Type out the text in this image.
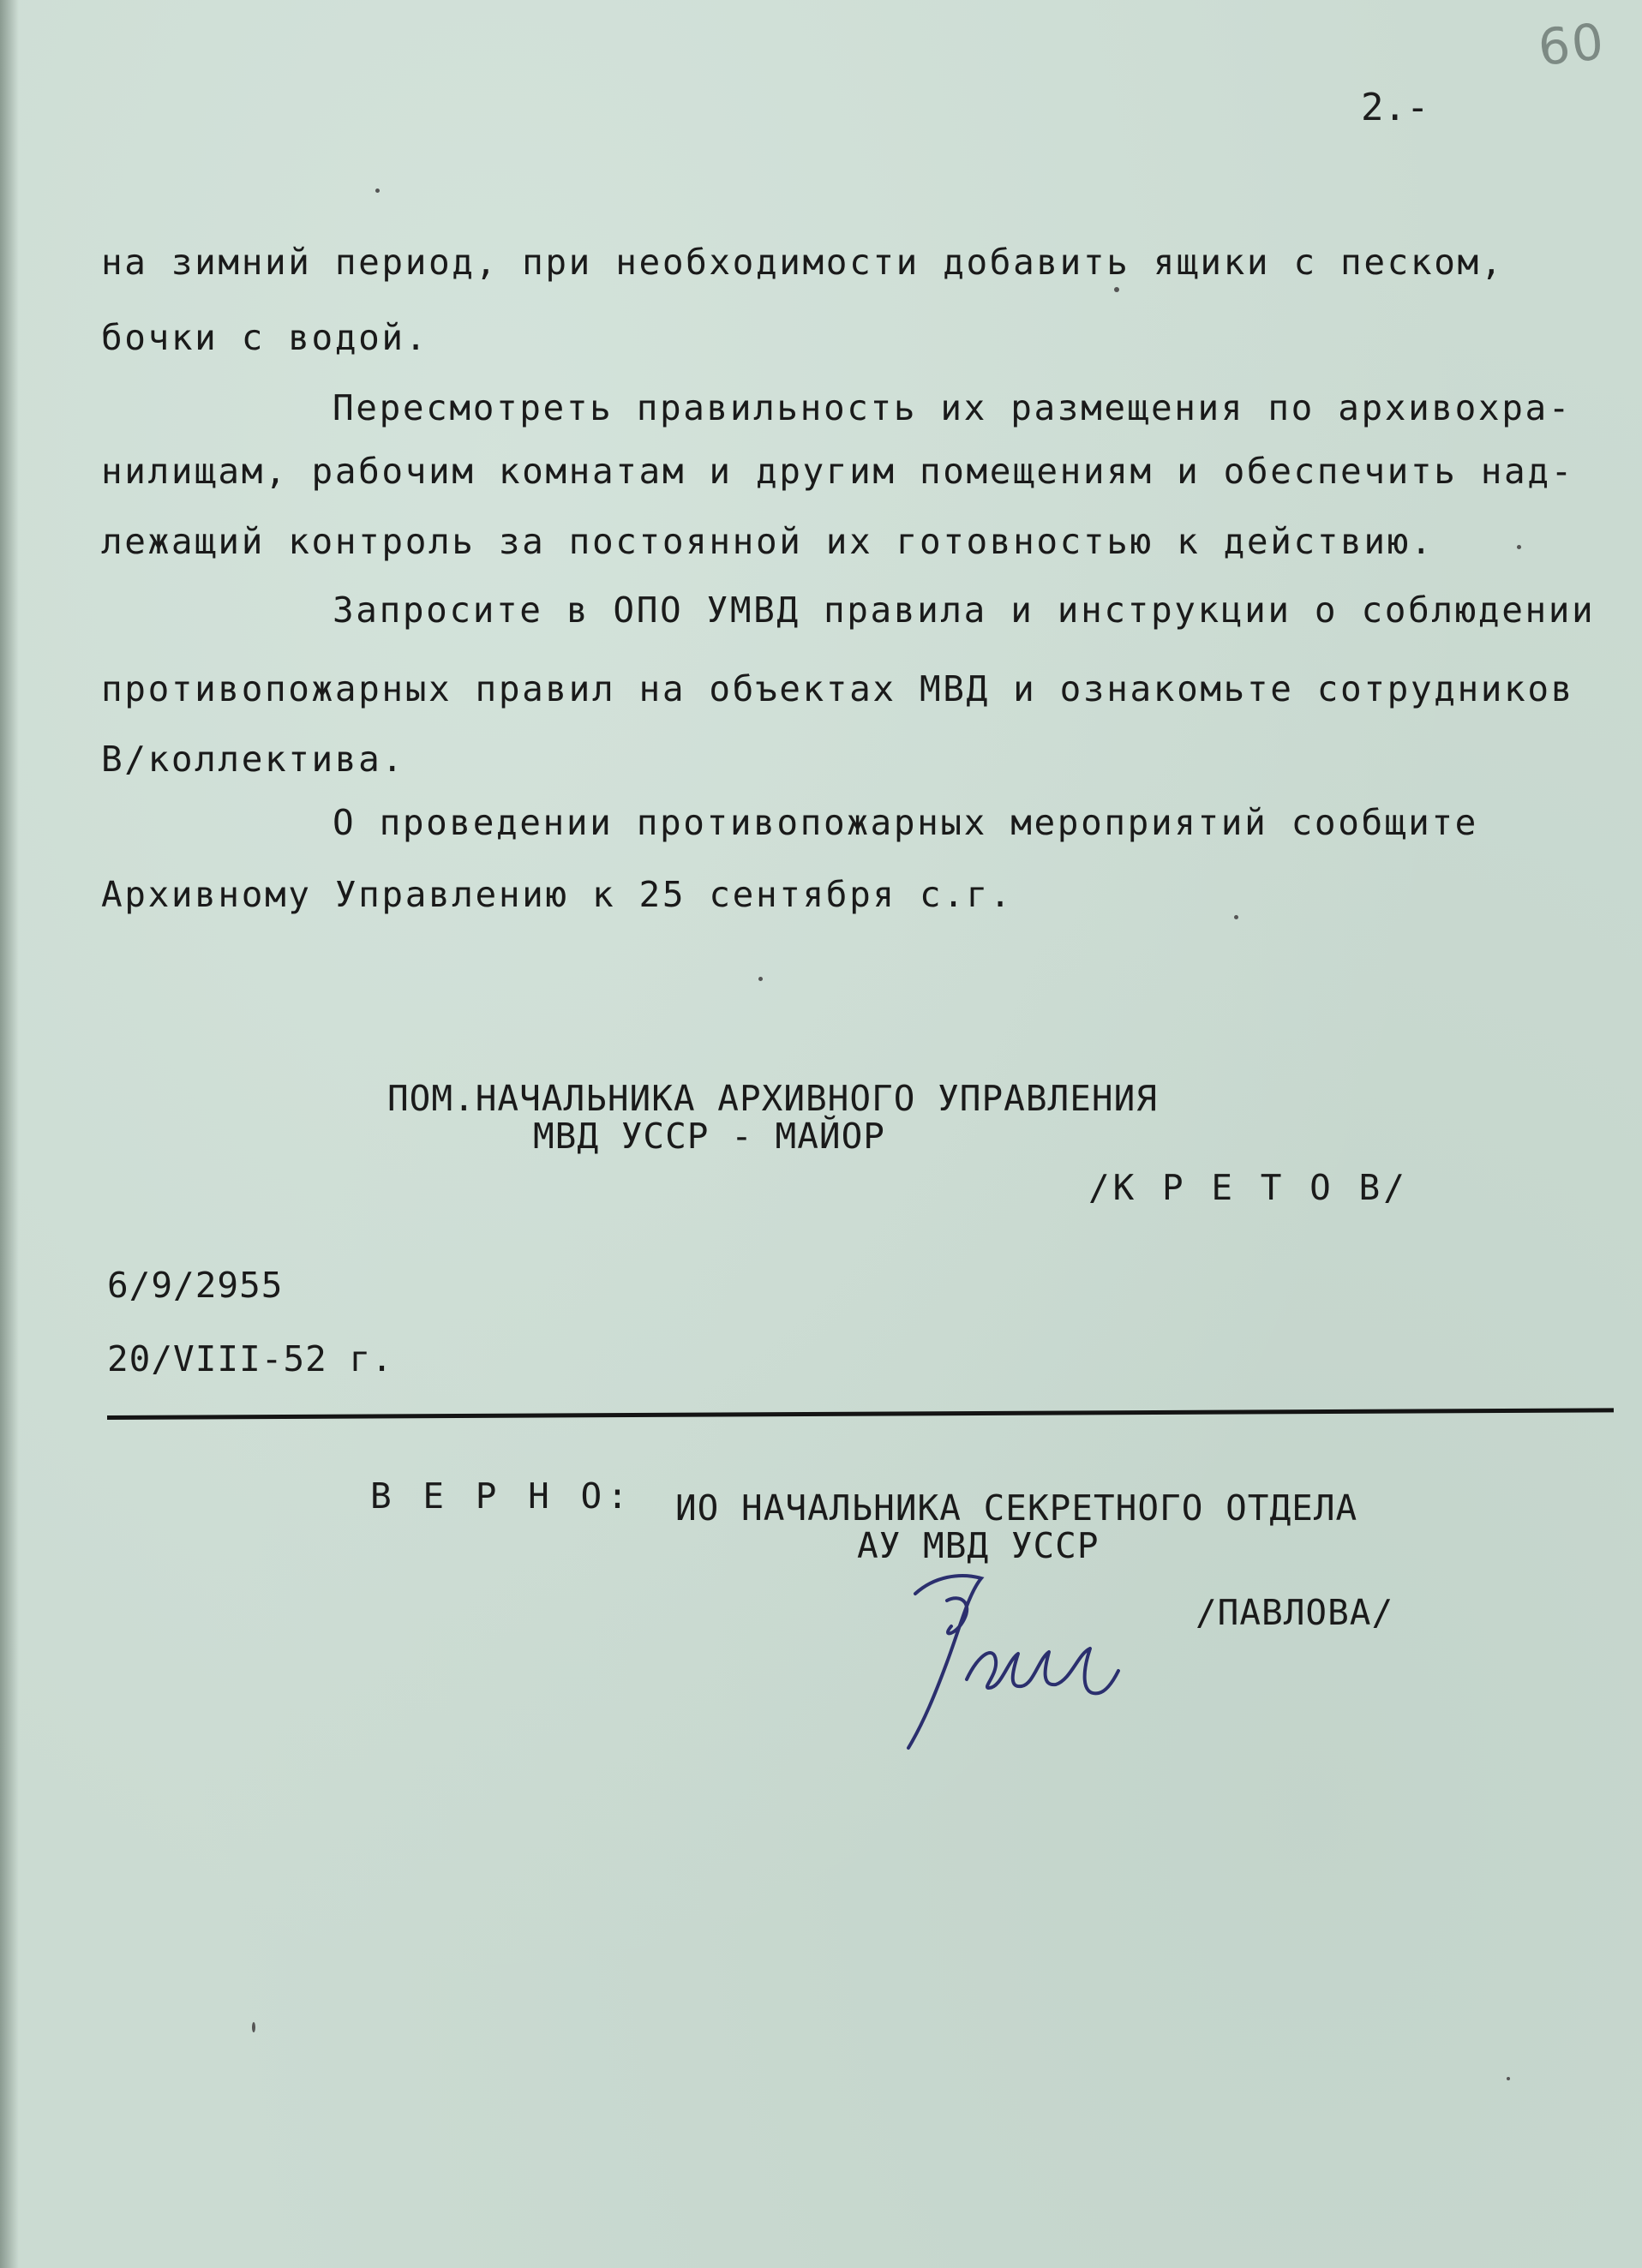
60
2.-
на зимний период, при необходимости добавить ящики с песком,
бочки с водой.
Пересмотреть правильность их размещения по архивохра-
нилищам, рабочим комнатам и другим помещениям и обеспечить над-
лежащий контроль за постоянной их готовностью к действию.
Запросите в ОПО УМВД правила и инструкции о соблюдении
противопожарных правил на объектах МВД и ознакомьте сотрудников
В/коллектива.
О проведении противопожарных мероприятий сообщите
Архивному Управлению к 25 сентября с.г.
ПОМ.НАЧАЛЬНИКА АРХИВНОГО УПРАВЛЕНИЯ
МВД УССР - МАЙОР
/К Р Е Т О В/
6/9/2955
20/VIII-52 г.
В Е Р Н О: ИО НАЧАЛЬНИКА СЕКРЕТНОГО ОТДЕЛА
АУ МВД УССР
/ПАВЛОВА/
